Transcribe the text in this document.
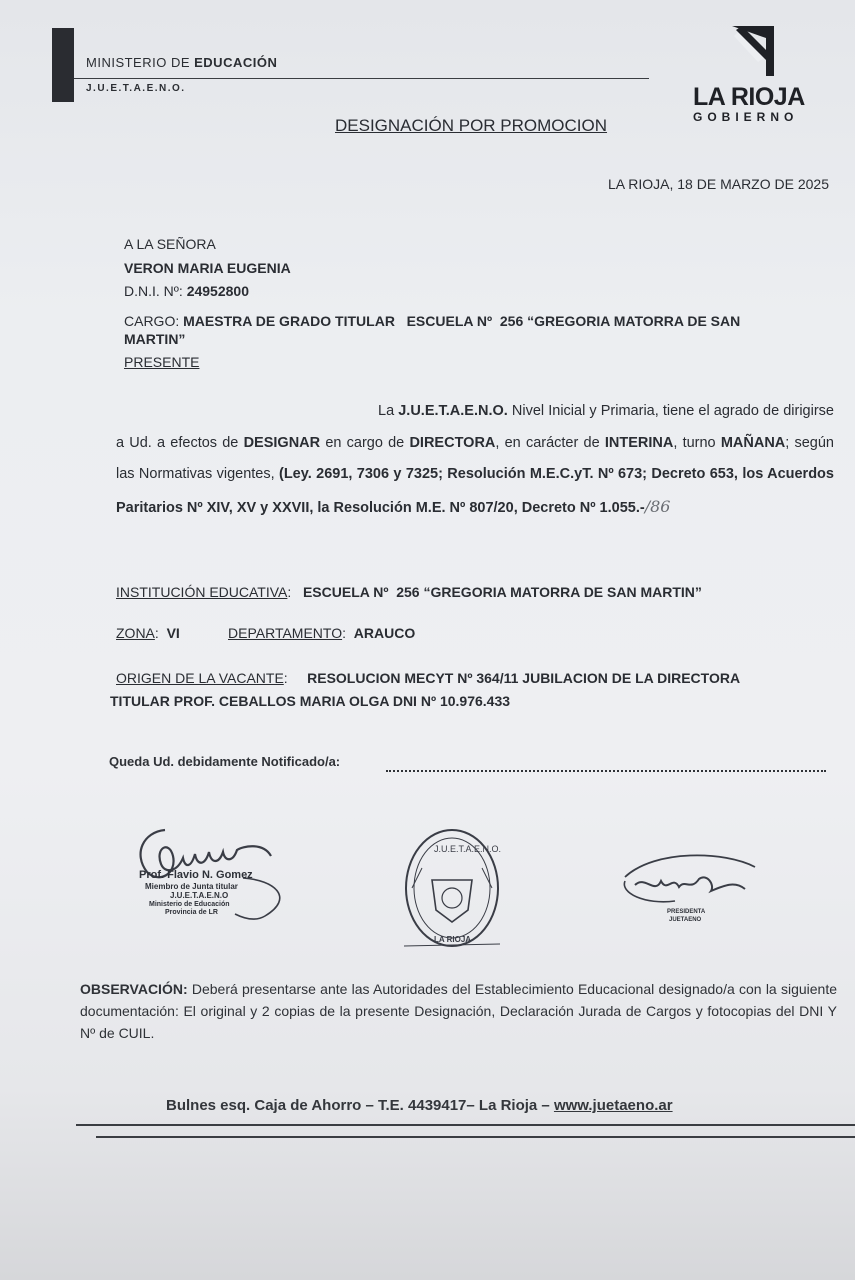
MINISTERIO DE EDUCACIÓN
J.U.E.T.A.E.N.O.	LA RIOJA
GOBIERNO
DESIGNACIÓN POR PROMOCION
LA RIOJA, 18 DE MARZO DE 2025
A LA SEÑORA
VERON MARIA EUGENIA
D.N.I. Nº: 24952800
CARGO: MAESTRA DE GRADO TITULAR   ESCUELA Nº  256 “GREGORIA MATORRA DE SAN
MARTIN”
PRESENTE
La J.U.E.T.A.E.N.O. Nivel Inicial y Primaria, tiene el agrado de dirigirse a Ud. a efectos de DESIGNAR en cargo de DIRECTORA, en carácter de INTERINA, turno MAÑANA; según las Normativas vigentes, (Ley. 2691, 7306 y 7325; Resolución M.E.C.yT. Nº 673; Decreto 653, los Acuerdos Paritarios Nº XIV, XV y XXVII, la Resolución M.E. Nº 807/20, Decreto Nº 1.055.-/86
INSTITUCIÓN EDUCATIVA:   ESCUELA Nº  256 “GREGORIA MATORRA DE SAN MARTIN”
ZONA:  VI	DEPARTAMENTO:  ARAUCO
ORIGEN DE LA VACANTE:     RESOLUCION MECYT Nº 364/11 JUBILACION DE LA DIRECTORA
TITULAR PROF. CEBALLOS MARIA OLGA DNI Nº 10.976.433
Queda Ud. debidamente Notificado/a:
Prof. Flavio N. Gomez
Miembro de Junta titular
J.U.E.T.A.E.N.O
Ministerio de Educación
Provincia de LR
J.U.E.T.A.E.N.O.
LA RIOJA
PRESIDENTA
JUETAENO
OBSERVACIÓN: Deberá presentarse ante las Autoridades del Establecimiento Educacional designado/a con la siguiente documentación: El original y 2 copias de la presente Designación, Declaración Jurada de Cargos y fotocopias del DNI Y Nº de CUIL.
Bulnes esq. Caja de Ahorro – T.E. 4439417– La Rioja – www.juetaeno.ar
